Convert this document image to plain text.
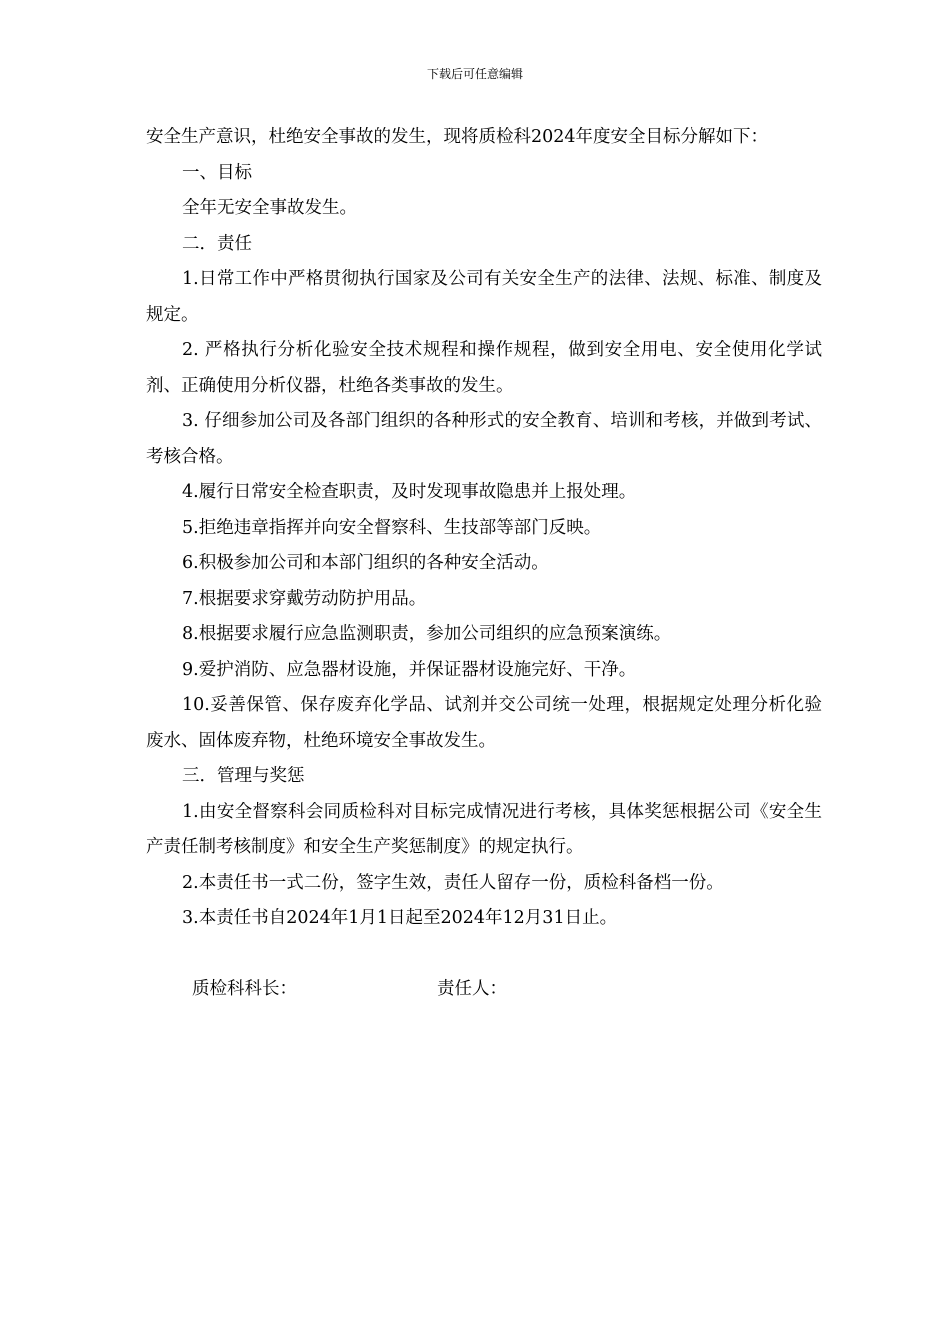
下载后可任意编辑

安全生产意识，杜绝安全事故的发生，现将质检科2024年度安全目标分解如下：

一、目标

全年无安全事故发生。

二．责任

1.日常工作中严格贯彻执行国家及公司有关安全生产的法律、法规、标准、制度及规定。

2. 严格执行分析化验安全技术规程和操作规程，做到安全用电、安全使用化学试剂、正确使用分析仪器，杜绝各类事故的发生。

3. 仔细参加公司及各部门组织的各种形式的安全教育、培训和考核，并做到考试、考核合格。

4.履行日常安全检查职责，及时发现事故隐患并上报处理。

5.拒绝违章指挥并向安全督察科、生技部等部门反映。

6.积极参加公司和本部门组织的各种安全活动。

7.根据要求穿戴劳动防护用品。

8.根据要求履行应急监测职责，参加公司组织的应急预案演练。

9.爱护消防、应急器材设施，并保证器材设施完好、干净。

10.妥善保管、保存废弃化学品、试剂并交公司统一处理，根据规定处理分析化验废水、固体废弃物，杜绝环境安全事故发生。

三．管理与奖惩

1.由安全督察科会同质检科对目标完成情况进行考核，具体奖惩根据公司《安全生产责任制考核制度》和安全生产奖惩制度》的规定执行。

2.本责任书一式二份，签字生效，责任人留存一份，质检科备档一份。

3.本责任书自2024年1月1日起至2024年12月31日止。

质检科科长：	责任人：
